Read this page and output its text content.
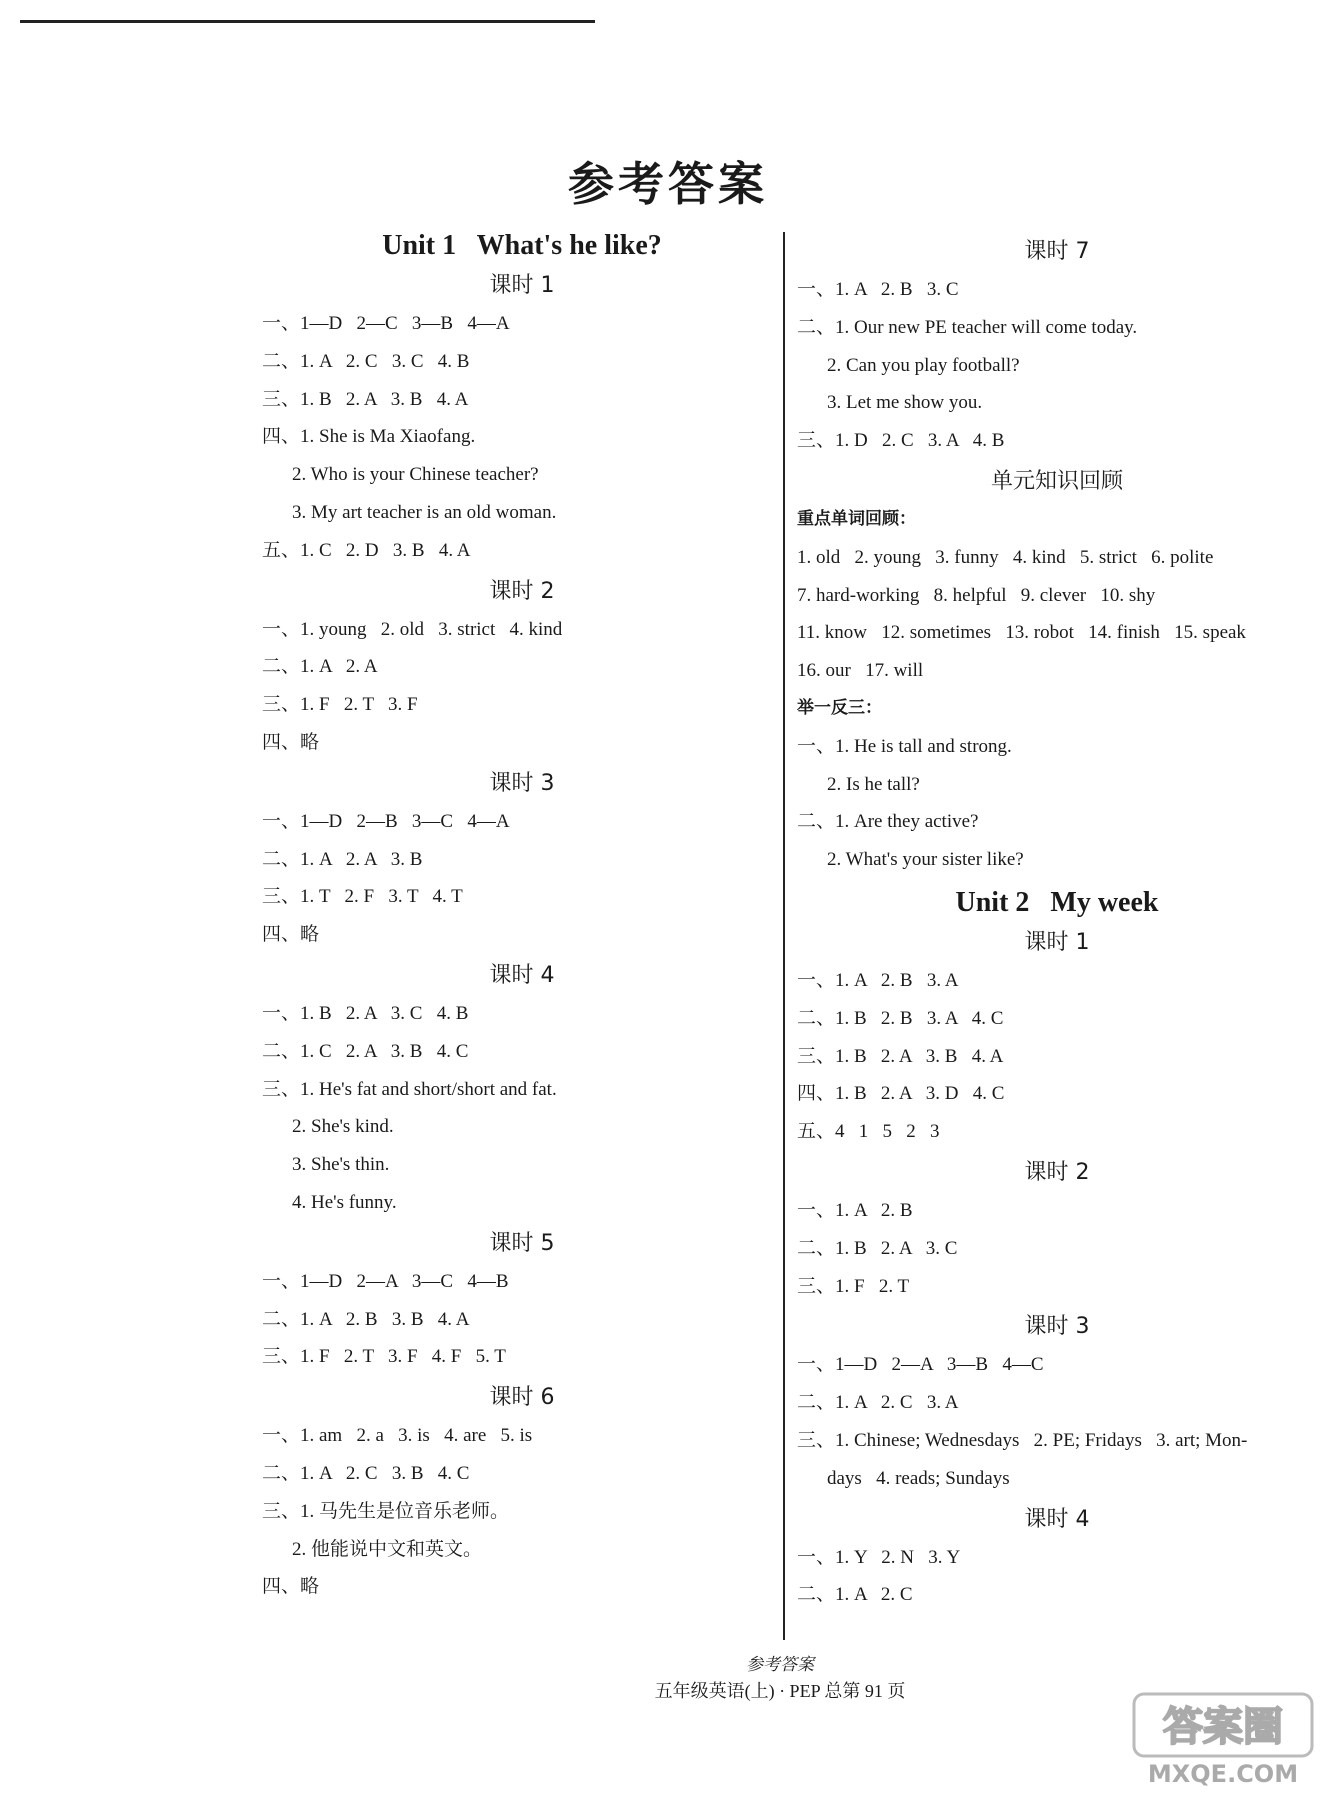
参考答案
Unit 1   What's he like?
课时 1
一、1—D   2—C   3—B   4—A
二、1. A   2. C   3. C   4. B
三、1. B   2. A   3. B   4. A
四、1. She is Ma Xiaofang.
2. Who is your Chinese teacher?
3. My art teacher is an old woman.
五、1. C   2. D   3. B   4. A
课时 2
一、1. young   2. old   3. strict   4. kind
二、1. A   2. A
三、1. F   2. T   3. F
四、略
课时 3
一、1—D   2—B   3—C   4—A
二、1. A   2. A   3. B
三、1. T   2. F   3. T   4. T
四、略
课时 4
一、1. B   2. A   3. C   4. B
二、1. C   2. A   3. B   4. C
三、1. He's fat and short/short and fat.
2. She's kind.
3. She's thin.
4. He's funny.
课时 5
一、1—D   2—A   3—C   4—B
二、1. A   2. B   3. B   4. A
三、1. F   2. T   3. F   4. F   5. T
课时 6
一、1. am   2. a   3. is   4. are   5. is
二、1. A   2. C   3. B   4. C
三、1. 马先生是位音乐老师。
2. 他能说中文和英文。
四、略
课时 7
一、1. A   2. B   3. C
二、1. Our new PE teacher will come today.
2. Can you play football?
3. Let me show you.
三、1. D   2. C   3. A   4. B
单元知识回顾
重点单词回顾：
1. old   2. young   3. funny   4. kind   5. strict   6. polite
7. hard-working   8. helpful   9. clever   10. shy
11. know   12. sometimes   13. robot   14. finish   15. speak
16. our   17. will
举一反三：
一、1. He is tall and strong.
2. Is he tall?
二、1. Are they active?
2. What's your sister like?
Unit 2   My week
课时 1
一、1. A   2. B   3. A
二、1. B   2. B   3. A   4. C
三、1. B   2. A   3. B   4. A
四、1. B   2. A   3. D   4. C
五、4   1   5   2   3
课时 2
一、1. A   2. B
二、1. B   2. A   3. C
三、1. F   2. T
课时 3
一、1—D   2—A   3—B   4—C
二、1. A   2. C   3. A
三、1. Chinese; Wednesdays   2. PE; Fridays   3. art; Mon-
days   4. reads; Sundays
课时 4
一、1. Y   2. N   3. Y
二、1. A   2. C
参考答案
五年级英语(上) · PEP 总第 91 页
答案圈
MXQE.COM
